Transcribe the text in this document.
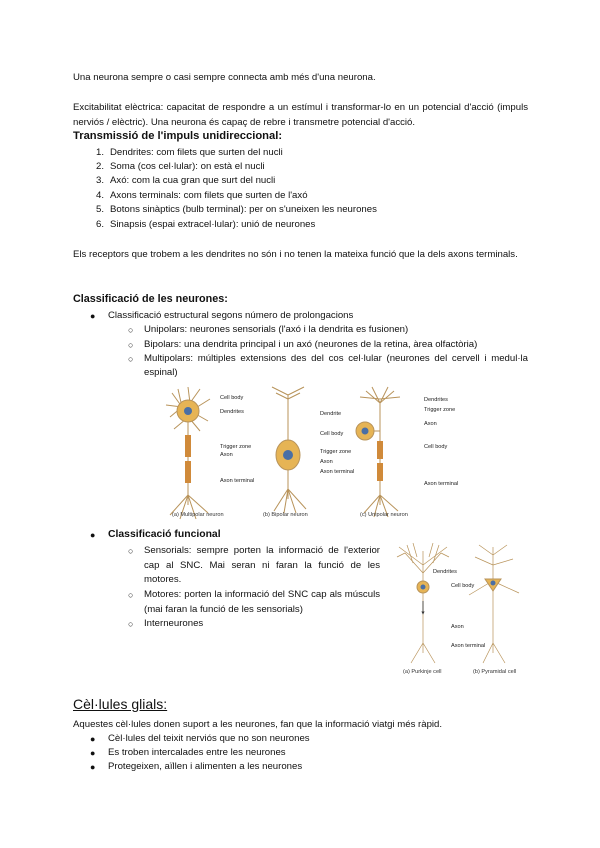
Una neurona sempre o casi sempre connecta amb més d'una neurona.
Excitabilitat elèctrica: capacitat de respondre a un estímul i transformar-lo en un potencial d'acció (impuls nerviós / elèctric). Una neurona és capaç de rebre i transmetre potencial d'acció.
Transmissió de l'impuls unidireccional:
1. Dendrites: com filets que surten del nucli
2. Soma (cos cel·lular): on està el nucli
3. Axó: com la cua gran que surt del nucli
4. Axons terminals: com filets que surten de l'axó
5. Botons sinàptics (bulb terminal): per on s'uneixen les neurones
6. Sinapsis (espai extracel·lular): unió de neurones
Els receptors que trobem a les dendrites no són i no tenen la mateixa funció que la dels axons terminals.
Classificació de les neurones:
● Classificació estructural segons número de prolongacions
○ Unipolars: neurones sensorials (l'axó i la dendrita es fusionen)
○ Bipolars: una dendrita principal i un axó (neurones de la retina, àrea olfactòria)
○ Multipolars: múltiples extensions des del cos cel·lular (neurones del cervell i medul·la espinal)
Cell body
Dendrites
Trigger zone
Axon
Axon terminal
(a) Multipolar neuron
Dendrite
Cell body
Trigger zone
Axon
Axon terminal
(b) Bipolar neuron
Dendrites
Trigger zone
Axon
Cell body
Axon terminal
(c) Unipolar neuron
● Classificació funcional
○ Sensorials: sempre porten la informació de l'exterior cap al SNC. Mai seran ni faran la funció de les motores.
○ Motores: porten la informació del SNC cap als músculs (mai faran la funció de les sensorials)
○ Interneurones
Dendrites
Cell body
Axon
Axon terminal
(a) Purkinje cell	(b) Pyramidal cell
Cèl·lules glials:
Aquestes cèl·lules donen suport a les neurones, fan que la informació viatgi més ràpid.
● Cèl·lules del teixit nerviós que no son neurones
● Es troben intercalades entre les neurones
● Protegeixen, aïllen i alimenten a les neurones
